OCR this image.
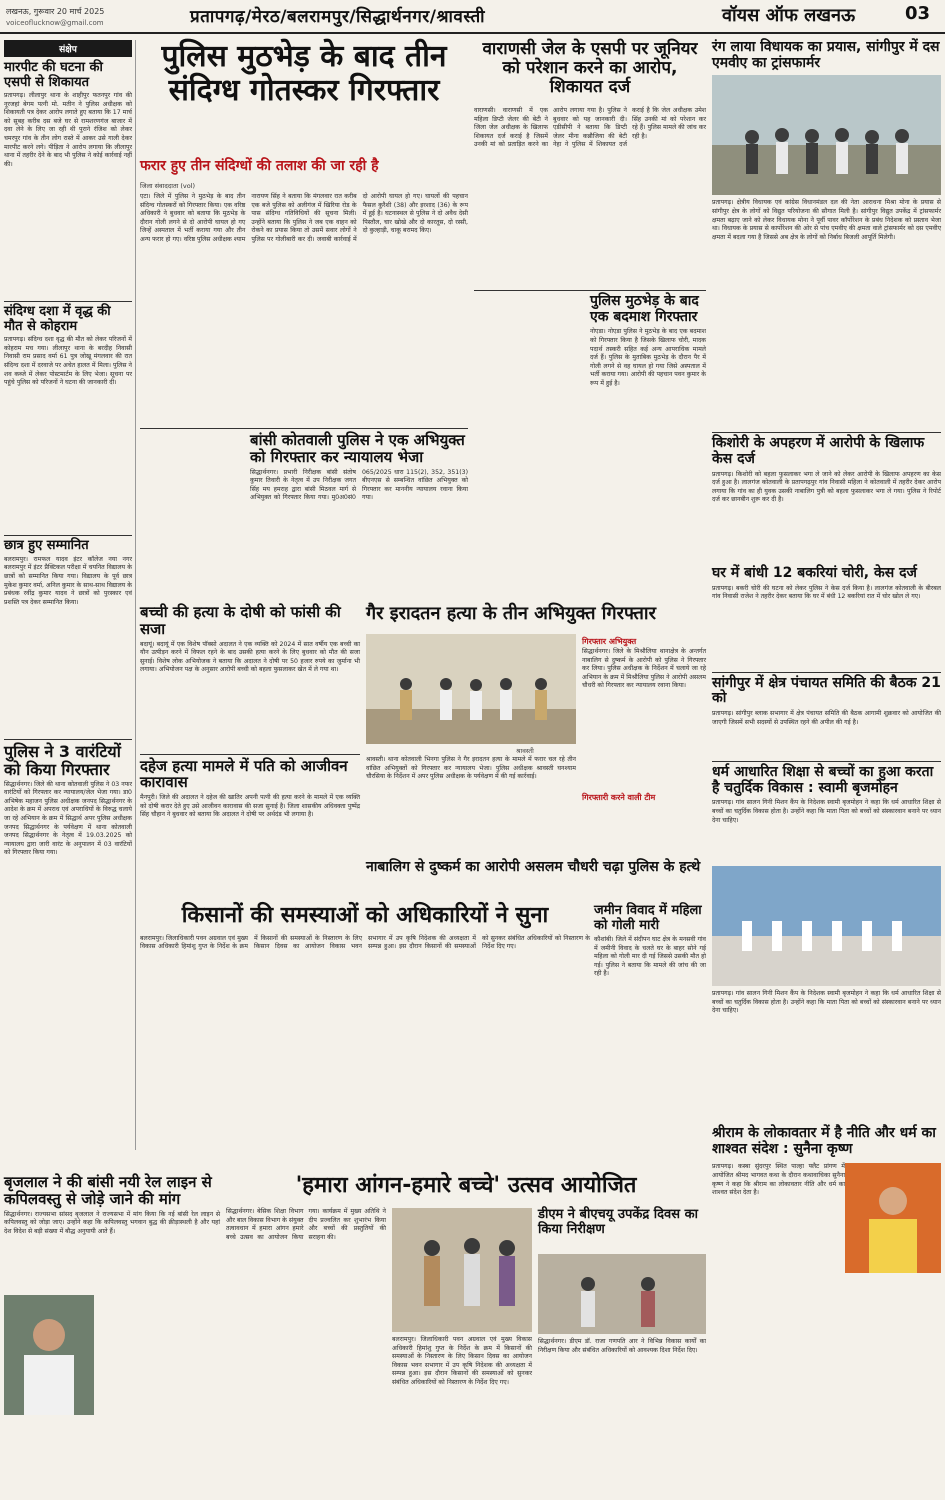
लखनऊ, गुरूवार 20 मार्च 2025
voiceoflucknow@gmail.com	प्रतापगढ़/मेरठ/बलरामपुर/सिद्धार्थनगर/श्रावस्ती	वॉयस ऑफ लखनऊ	03
संक्षेप
मारपीट की घटना की एसपी से शिकायत
प्रतापगढ़। लीलापुर थाना के शाहीपुर फतनपुर गांव की नूरजहां बेगम पत्नी मो. मतीन ने पुलिस अधीक्षक को शिकायती पत्र देकर आरोप लगाते हुए बताया कि 17 मार्च को सुबह करीब दस बजे घर से रामशरणगंज बाजार में दवा लेने के लिए जा रही थी पुराने रंजिश को लेकर चमरपुर गांव के तीन लोग रास्ते में आकर उसे गाली देकर मारपीट करने लगे। पीड़िता ने आरोप लगाया कि लीलापुर थाना में तहरीर देने के बाद भी पुलिस ने कोई कार्रवाई नहीं की।
संदिग्ध दशा में वृद्ध की मौत से कोहराम
प्रतापगढ़। संदिग्ध दशा वृद्ध की मौत को लेकर परिजनों में कोहराम मच गया। लीलापुर थाना के बरदीह निवासी निवासी राम प्रसाद वर्मा 61 पुत्र जोखू मंगलवार की रात संदिग्ध दशा में दरवाजे पर अचेत हालत में मिला। पुलिस ने शव कब्जे में लेकर पोस्टमार्टम के लिए भेजा। सूचना पर पहुंचे पुलिस को परिजनों ने घटना की जानकारी दी।
छात्र हुए सम्मानित
बलरामपुर। रामफल यादव इंटर कॉलेज नया नगर बलरामपुर में इंटर प्रैक्टिकल परीक्षा में चयनित विद्यालय के छात्रों को सम्मानित किया गया। विद्यालय के पूर्व छात्र मुकेश कुमार वर्मा, अनिल कुमार के साथ-साथ विद्यालय के प्रबंधक रवींद्र कुमार यादव ने छात्रों को पुरस्कार एवं प्रशस्ति पत्र देकर सम्मानित किया।
पुलिस ने 3 वारंटियों को किया गिरफ्तार
सिद्धार्थनगर। जिले की थाना कोतवाली पुलिस ने 03 नफर वारंटियों को गिरफ्तार कर न्यायालय/जेल भेजा गया। डा0 अभिषेक महाजन पुलिस अधीक्षक जनपद सिद्धार्थनगर के आदेश के क्रम में अपराध एवं अपराधियों के विरुद्ध चलाये जा रहे अभियान के क्रम में सिद्धार्थ अपर पुलिस अधीक्षक जनपद सिद्धार्थनगर के पर्यवेक्षण में थाना कोतवाली जनपद सिद्धार्थनगर के नेतृत्व में 19.03.2025 को न्यायालय द्वारा जारी वारंट के अनुपालन में 03 वारंटियों को गिरफ्तार किया गया।
पुलिस मुठभेड़ के बाद तीन संदिग्ध गोतस्कर गिरफ्तार
फरार हुए तीन संदिग्धों की तलाश की जा रही है
जिला संवाददाता (vol)
एटा। जिले में पुलिस ने मुठभेड़ के बाद तीन संदिग्ध गोतस्करों को गिरफ्तार किया। एक वरिष्ठ अधिकारी ने बुधवार को बताया कि मुठभेड़ के दौरान गोली लगने से दो आरोपी घायल हो गए जिन्हें अस्पताल में भर्ती कराया गया और तीन अन्य फरार हो गए। वरिष्ठ पुलिस अधीक्षक श्याम नारायण सिंह ने बताया कि मंगलवार रात करीब एक बजे पुलिस को अलीगंज में खिरिया रोड के पास संदिग्ध गतिविधियों की सूचना मिली। उन्होंने बताया कि पुलिस ने जब एक वाहन को रोकने का प्रयास किया तो उसमें सवार लोगों ने पुलिस पर गोलीबारी कर दी। जवाबी कार्रवाई में दो आरोपी घायल हो गए। घायलों की पहचान फैसल कुरैशी (38) और इरशाद (36) के रूप में हुई है। घटनास्थल से पुलिस ने दो अवैध देसी पिस्तौल, चार खोखे और दो कारतूस, दो रस्सी, दो कुल्हाड़ी, चाकू बरामद किए।
बांसी कोतवाली पुलिस ने एक अभियुक्त को गिरफ्तार कर न्यायालय भेजा
सिद्धार्थनगर। प्रभारी निरीक्षक बांसी संतोष कुमार तिवारी के नेतृत्व में उप निरीक्षक जगत सिंह मय हमराह द्वारा बांसी मिठवल मार्ग से अभियुक्त को गिरफ्तार किया गया। मु0अ0सं0 065/2025 धारा 115(2), 352, 351(3) बीएनएस से सम्बन्धित वांछित अभियुक्त को गिरफ्तार कर माननीय न्यायालय रवाना किया गया।
वाराणसी जेल के एसपी पर जूनियर को परेशान करने का आरोप, शिकायत दर्ज
वाराणसी। वाराणसी में एक महिला डिप्टी जेलर की बेटी ने जिला जेल अधीक्षक के खिलाफ शिकायत दर्ज कराई है जिसमें उनकी मां को प्रताड़ित करने का आरोप लगाया गया है। पुलिस ने बुधवार को यह जानकारी दी। एडीसीपी ने बताया कि डिप्टी जेलर मीना कन्नौजिया की बेटी नेहा ने पुलिस में शिकायत दर्ज कराई है कि जेल अधीक्षक उमेश सिंह उनकी मां को परेशान कर रहे हैं। पुलिस मामले की जांच कर रही है।
पुलिस मुठभेड़ के बाद एक बदमाश गिरफ्तार
नोएडा। नोएडा पुलिस ने मुठभेड़ के बाद एक बदमाश को गिरफ्तार किया है जिसके खिलाफ चोरी, मादक पदार्थ तस्करी सहित कई अन्य आपराधिक मामले दर्ज हैं। पुलिस के मुताबिक मुठभेड़ के दौरान पैर में गोली लगने से वह घायल हो गया जिसे अस्पताल में भर्ती कराया गया। आरोपी की पहचान पवन कुमार के रूप में हुई है।
रंग लाया विधायक का प्रयास, सांगीपुर में दस एमवीए का ट्रांसफार्मर
प्रतापगढ़। क्षेत्रीय विधायक एवं कांग्रेस विधानमंडल दल की नेता आराधना मिश्रा मोना के प्रयास से सांगीपुर क्षेत्र के लोगों को विद्युत परियोजना की सौगात मिली है। सांगीपुर विद्युत उपकेंद्र में ट्रांसफार्मर क्षमता बढ़ाए जाने को लेकर विधायक मोना ने पूर्वी पावर कॉर्पोरेशन के प्रबंध निदेशक को प्रस्ताव भेजा था। विधायक के प्रयास से कार्पोरेशन की ओर से पांच एमवीए की क्षमता वाले ट्रांसफार्मर को दस एमवीए क्षमता में बदला गया है जिससे अब क्षेत्र के लोगों को निर्बाध बिजली आपूर्ति मिलेगी।
किशोरी के अपहरण में आरोपी के खिलाफ केस दर्ज
प्रतापगढ़। किशोरी को बहला फुसलाकर भगा ले जाने को लेकर आरोपी के खिलाफ अपहरण का केस दर्ज हुआ है। लालगंज कोतवाली के प्रतापगढ़पुर गांव निवासी महिला ने कोतवाली में तहरीर देकर आरोप लगाया कि गांव का ही युवक उसकी नाबालिग पुत्री को बहला फुसलाकर भगा ले गया। पुलिस ने रिपोर्ट दर्ज कर छानबीन शुरू कर दी है।
बच्ची की हत्या के दोषी को फांसी की सजा
बदायूं। बदायूं में एक विशेष पॉक्सो अदालत ने एक व्यक्ति को 2024 में सात वर्षीय एक बच्ची का यौन उत्पीड़न करने में विफल रहने के बाद उसकी हत्या करने के लिए बुधवार को मौत की सजा सुनाई। विशेष लोक अभियोजक ने बताया कि अदालत ने दोषी पर 50 हजार रुपये का जुर्माना भी लगाया। अभियोजन पक्ष के अनुसार आरोपी बच्ची को बहला फुसलाकर खेत में ले गया था।
दहेज हत्या मामले में पति को आजीवन कारावास
मैनपुरी। जिले की अदालत ने दहेज की खातिर अपनी पत्नी की हत्या करने के मामले में एक व्यक्ति को दोषी करार देते हुए उसे आजीवन कारावास की सजा सुनाई है। जिला शासकीय अधिवक्ता पुष्पेंद्र सिंह चौहान ने बुधवार को बताया कि अदालत ने दोषी पर अर्थदंड भी लगाया है।
गैर इरादतन हत्या के तीन अभियुक्त गिरफ्तार
श्रावस्ती
श्रावस्ती। थाना कोतवाली भिनगा पुलिस ने गैर इरादतन हत्या के मामले में फरार चल रहे तीन वांछित अभियुक्तों को गिरफ्तार कर न्यायालय भेजा। पुलिस अधीक्षक श्रावस्ती घनश्याम चौरसिया के निर्देशन में अपर पुलिस अधीक्षक के पर्यवेक्षण में की गई कार्रवाई।
गिरफ्तार अभियुक्त
सिद्धार्थनगर। जिले के मिश्रौलिया थानाक्षेत्र के अन्तर्गत नाबालिग से दुष्कर्म के आरोपी को पुलिस ने गिरफ्तार कर लिया। पुलिस अधीक्षक के निर्देशन में चलाये जा रहे अभियान के क्रम में मिश्रौलिया पुलिस ने आरोपी असलम चौधरी को गिरफ्तार कर न्यायालय रवाना किया।
गिरफ्तारी करने वाली टीम
घर में बांधी 12 बकरियां चोरी, केस दर्ज
प्रतापगढ़। बकरी चोरी की घटना को लेकर पुलिस ने केस दर्ज किया है। लालगंज कोतवाली के बीरबल गांव निवासी राजेश ने तहरीर देकर बताया कि घर में बंधी 12 बकरियां रात में चोर खोल ले गए।
सांगीपुर में क्षेत्र पंचायत समिति की बैठक 21 को
प्रतापगढ़। सांगीपुर ब्लाक सभागार में क्षेत्र पंचायत समिति की बैठक आगामी शुक्रवार को आयोजित की जाएगी जिसमें सभी सदस्यों से उपस्थित रहने की अपील की गई है।
धर्म आधारित शिक्षा से बच्चों का हुआ करता है चतुर्दिक विकास : स्वामी बृजमोहन
प्रतापगढ़। गांव सालन गिनी मिशन कैंप के निदेशक स्वामी बृजमोहन ने कहा कि धर्म आधारित शिक्षा से बच्चों का चतुर्दिक विकास होता है। उन्होंने कहा कि माता पिता को बच्चों को संस्कारवान बनाने पर ध्यान देना चाहिए।
नाबालिग से दुष्कर्म का आरोपी असलम चौधरी चढ़ा पुलिस के हत्थे
किसानों की समस्याओं को अधिकारियों ने सुना
बलरामपुर। जिलाधिकारी पवन अग्रवाल एवं मुख्य विकास अधिकारी हिमांशु गुप्त के निर्देश के क्रम में किसानों की समस्याओं के निस्तारण के लिए किसान दिवस का आयोजन विकास भवन सभागार में उप कृषि निदेशक की अध्यक्षता में सम्पन्न हुआ। इस दौरान किसानों की समस्याओं को सुनकर संबंधित अधिकारियों को निस्तारण के निर्देश दिए गए।
जमीन विवाद में महिला को गोली मारी
कौशांबी। जिले में संदीपन घाट क्षेत्र के मनसवी गांव में जमीनी विवाद के चलते घर के बाहर सोने गई महिला को गोली मार दी गई जिससे उसकी मौत हो गई। पुलिस ने बताया कि मामले की जांच की जा रही है।
प्रतापगढ़। गांव सालन गिनी मिशन कैंप के निदेशक स्वामी बृजमोहन ने कहा कि धर्म आधारित शिक्षा से बच्चों का चतुर्दिक विकास होता है। उन्होंने कहा कि माता पिता को बच्चों को संस्कारवान बनाने पर ध्यान देना चाहिए।
बृजलाल ने की बांसी नयी रेल लाइन से कपिलवस्तु से जोड़े जाने की मांग
सिद्धार्थनगर। राज्यसभा सांसद बृजलाल ने राज्यसभा में मांग किया कि नई बांसी रेल लाइन से कपिलवस्तु को जोड़ा जाए। उन्होंने कहा कि कपिलवस्तु भगवान बुद्ध की क्रीड़ास्थली है और यहां देश विदेश से बड़ी संख्या में बौद्ध अनुयायी आते हैं।
'हमारा आंगन-हमारे बच्चे' उत्सव आयोजित
सिद्धार्थनगर। बेसिक शिक्षा विभाग और बाल विकास विभाग के संयुक्त तत्वावधान में हमारा आंगन हमारे बच्चे उत्सव का आयोजन किया गया। कार्यक्रम में मुख्य अतिथि ने दीप प्रज्वलित कर शुभारंभ किया और बच्चों की प्रस्तुतियों की सराहना की।
डीएम ने बीएचयू उपकेंद्र दिवस का किया निरीक्षण
सिद्धार्थनगर। डीएम डॉ. राजा गणपति आर ने विभिन्न विकास कार्यों का निरीक्षण किया और संबंधित अधिकारियों को आवश्यक दिशा निर्देश दिए।
बलरामपुर। जिलाधिकारी पवन अग्रवाल एवं मुख्य विकास अधिकारी हिमांशु गुप्त के निर्देश के क्रम में किसानों की समस्याओं के निस्तारण के लिए किसान दिवस का आयोजन विकास भवन सभागार में उप कृषि निदेशक की अध्यक्षता में सम्पन्न हुआ। इस दौरान किसानों की समस्याओं को सुनकर संबंधित अधिकारियों को निस्तारण के निर्देश दिए गए।
श्रीराम के लोकावतार में है नीति और धर्म का शाश्वत संदेश : सुनैना कृष्ण
प्रतापगढ़। कस्बा सुंदरपुर स्थित पाल्हा फ्लैट प्रांगण में आयोजित श्रीमद भागवत कथा के दौरान कथावाचिका सुनैना कृष्ण ने कहा कि श्रीराम का लोकावतार नीति और धर्म का शाश्वत संदेश देता है।
